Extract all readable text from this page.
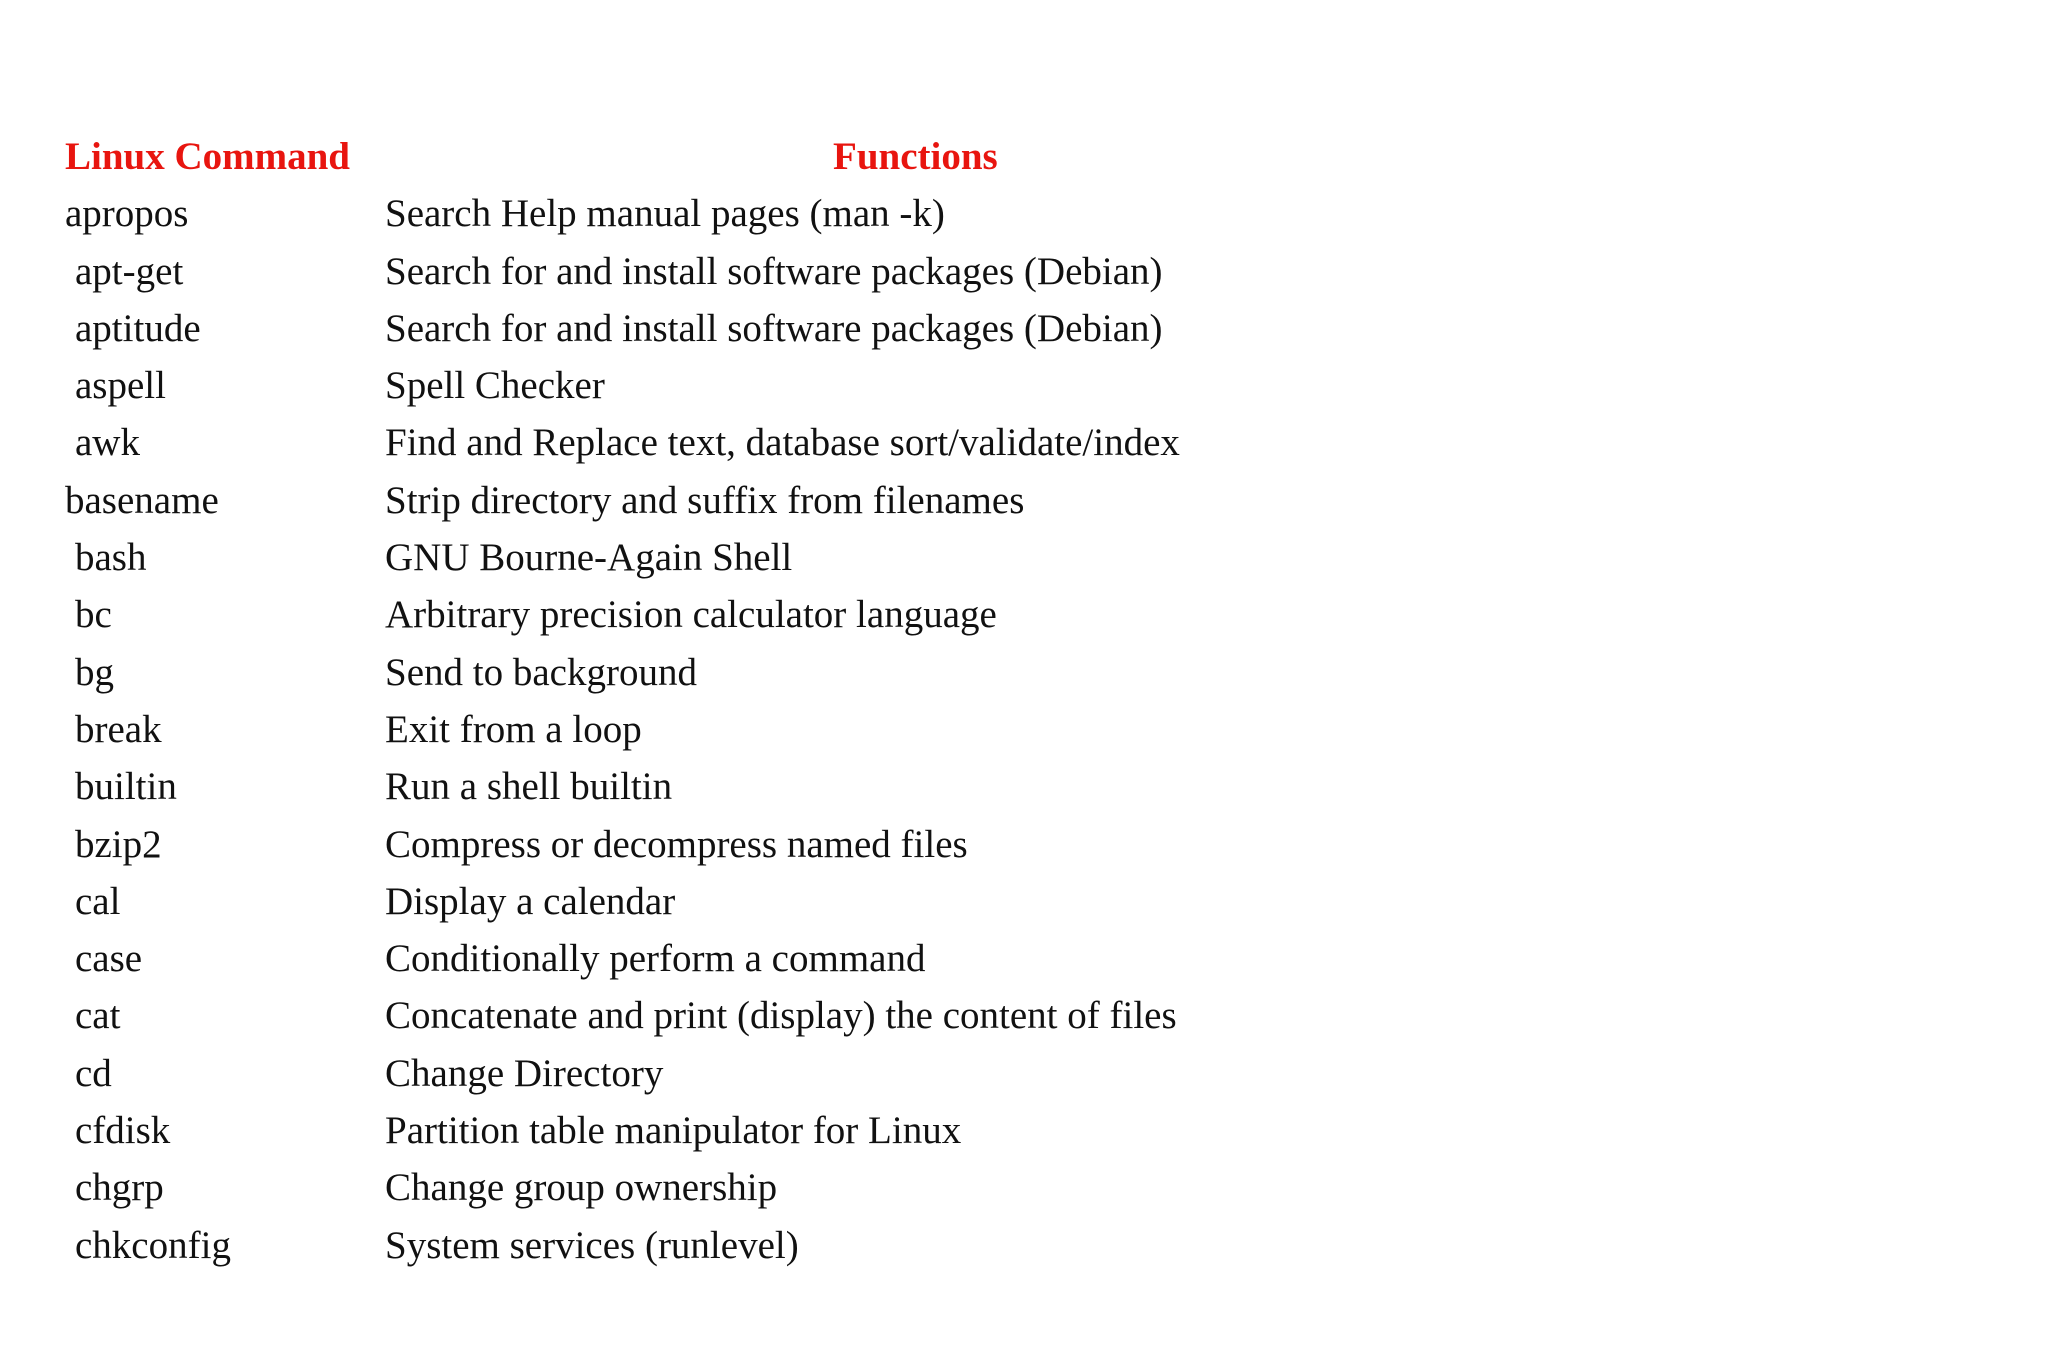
Linux Command	Functions
apropos	Search Help manual pages (man -k)
apt-get	Search for and install software packages (Debian)
aptitude	Search for and install software packages (Debian)
aspell	Spell Checker
awk	Find and Replace text, database sort/validate/index
basename	Strip directory and suffix from filenames
bash	GNU Bourne-Again Shell
bc	Arbitrary precision calculator language
bg	Send to background
break	Exit from a loop
builtin	Run a shell builtin
bzip2	Compress or decompress named files
cal	Display a calendar
case	Conditionally perform a command
cat	Concatenate and print (display) the content of files
cd	Change Directory
cfdisk	Partition table manipulator for Linux
chgrp	Change group ownership
chkconfig	System services (runlevel)
